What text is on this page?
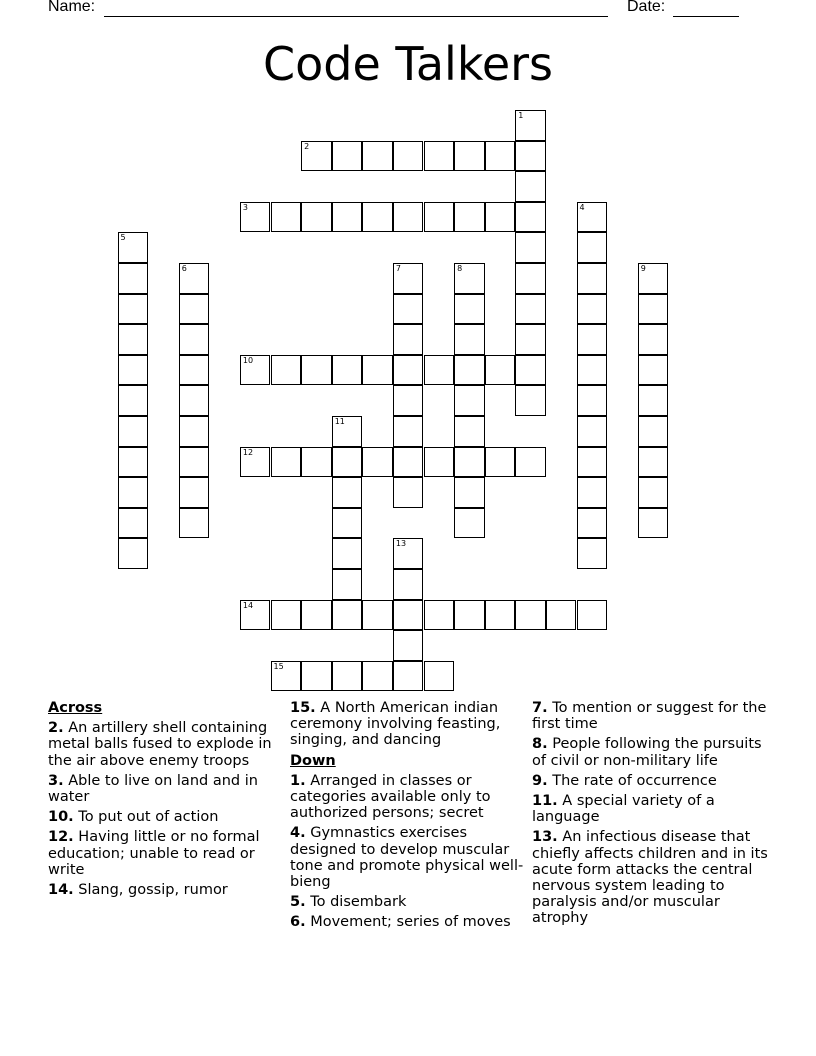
Name:	Date:
Code Talkers
1
2
3	4
5
6	7	8	9
10
11
12
13
14
15
Across
2. An artillery shell containing metal balls fused to explode in the air above enemy troops
3. Able to live on land and in water
10. To put out of action
12. Having little or no formal education; unable to read or write
14. Slang, gossip, rumor
15. A North American indian ceremony involving feasting, singing, and dancing
Down
1. Arranged in classes or categories available only to authorized persons; secret
4. Gymnastics exercises designed to develop muscular tone and promote physical well-bieng
5. To disembark
6. Movement; series of moves
7. To mention or suggest for the first time
8. People following the pursuits of civil or non-military life
9. The rate of occurrence
11. A special variety of a language
13. An infectious disease that chiefly affects children and in its acute form attacks the central nervous system leading to paralysis and/or muscular atrophy
